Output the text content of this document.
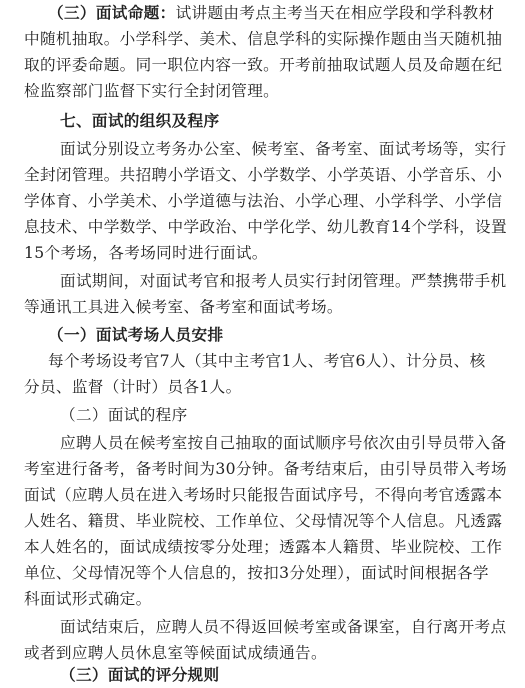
（三）面试命题：试讲题由考点主考当天在相应学段和学科教材
中随机抽取。小学科学、美术、信息学科的实际操作题由当天随机抽
取的评委命题。同一职位内容一致。开考前抽取试题人员及命题在纪
检监察部门监督下实行全封闭管理。
七、面试的组织及程序
面试分别设立考务办公室、候考室、备考室、面试考场等，实行
全封闭管理。共招聘小学语文、小学数学、小学英语、小学音乐、小
学体育、小学美术、小学道德与法治、小学心理、小学科学、小学信
息技术、中学数学、中学政治、中学化学、幼儿教育14个学科，设置
15个考场，各考场同时进行面试。
面试期间，对面试考官和报考人员实行封闭管理。严禁携带手机
等通讯工具进入候考室、备考室和面试考场。
（一）面试考场人员安排
每个考场设考官7人（其中主考官1人、考官6人）、计分员、核
分员、监督（计时）员各1人。
（二）面试的程序
应聘人员在候考室按自己抽取的面试顺序号依次由引导员带入备
考室进行备考，备考时间为30分钟。备考结束后，由引导员带入考场
面试（应聘人员在进入考场时只能报告面试序号，不得向考官透露本
人姓名、籍贯、毕业院校、工作单位、父母情况等个人信息。凡透露
本人姓名的，面试成绩按零分处理；透露本人籍贯、毕业院校、工作
单位、父母情况等个人信息的，按扣3分处理），面试时间根据各学
科面试形式确定。
面试结束后，应聘人员不得返回候考室或备课室，自行离开考点
或者到应聘人员休息室等候面试成绩通告。
（三）面试的评分规则
